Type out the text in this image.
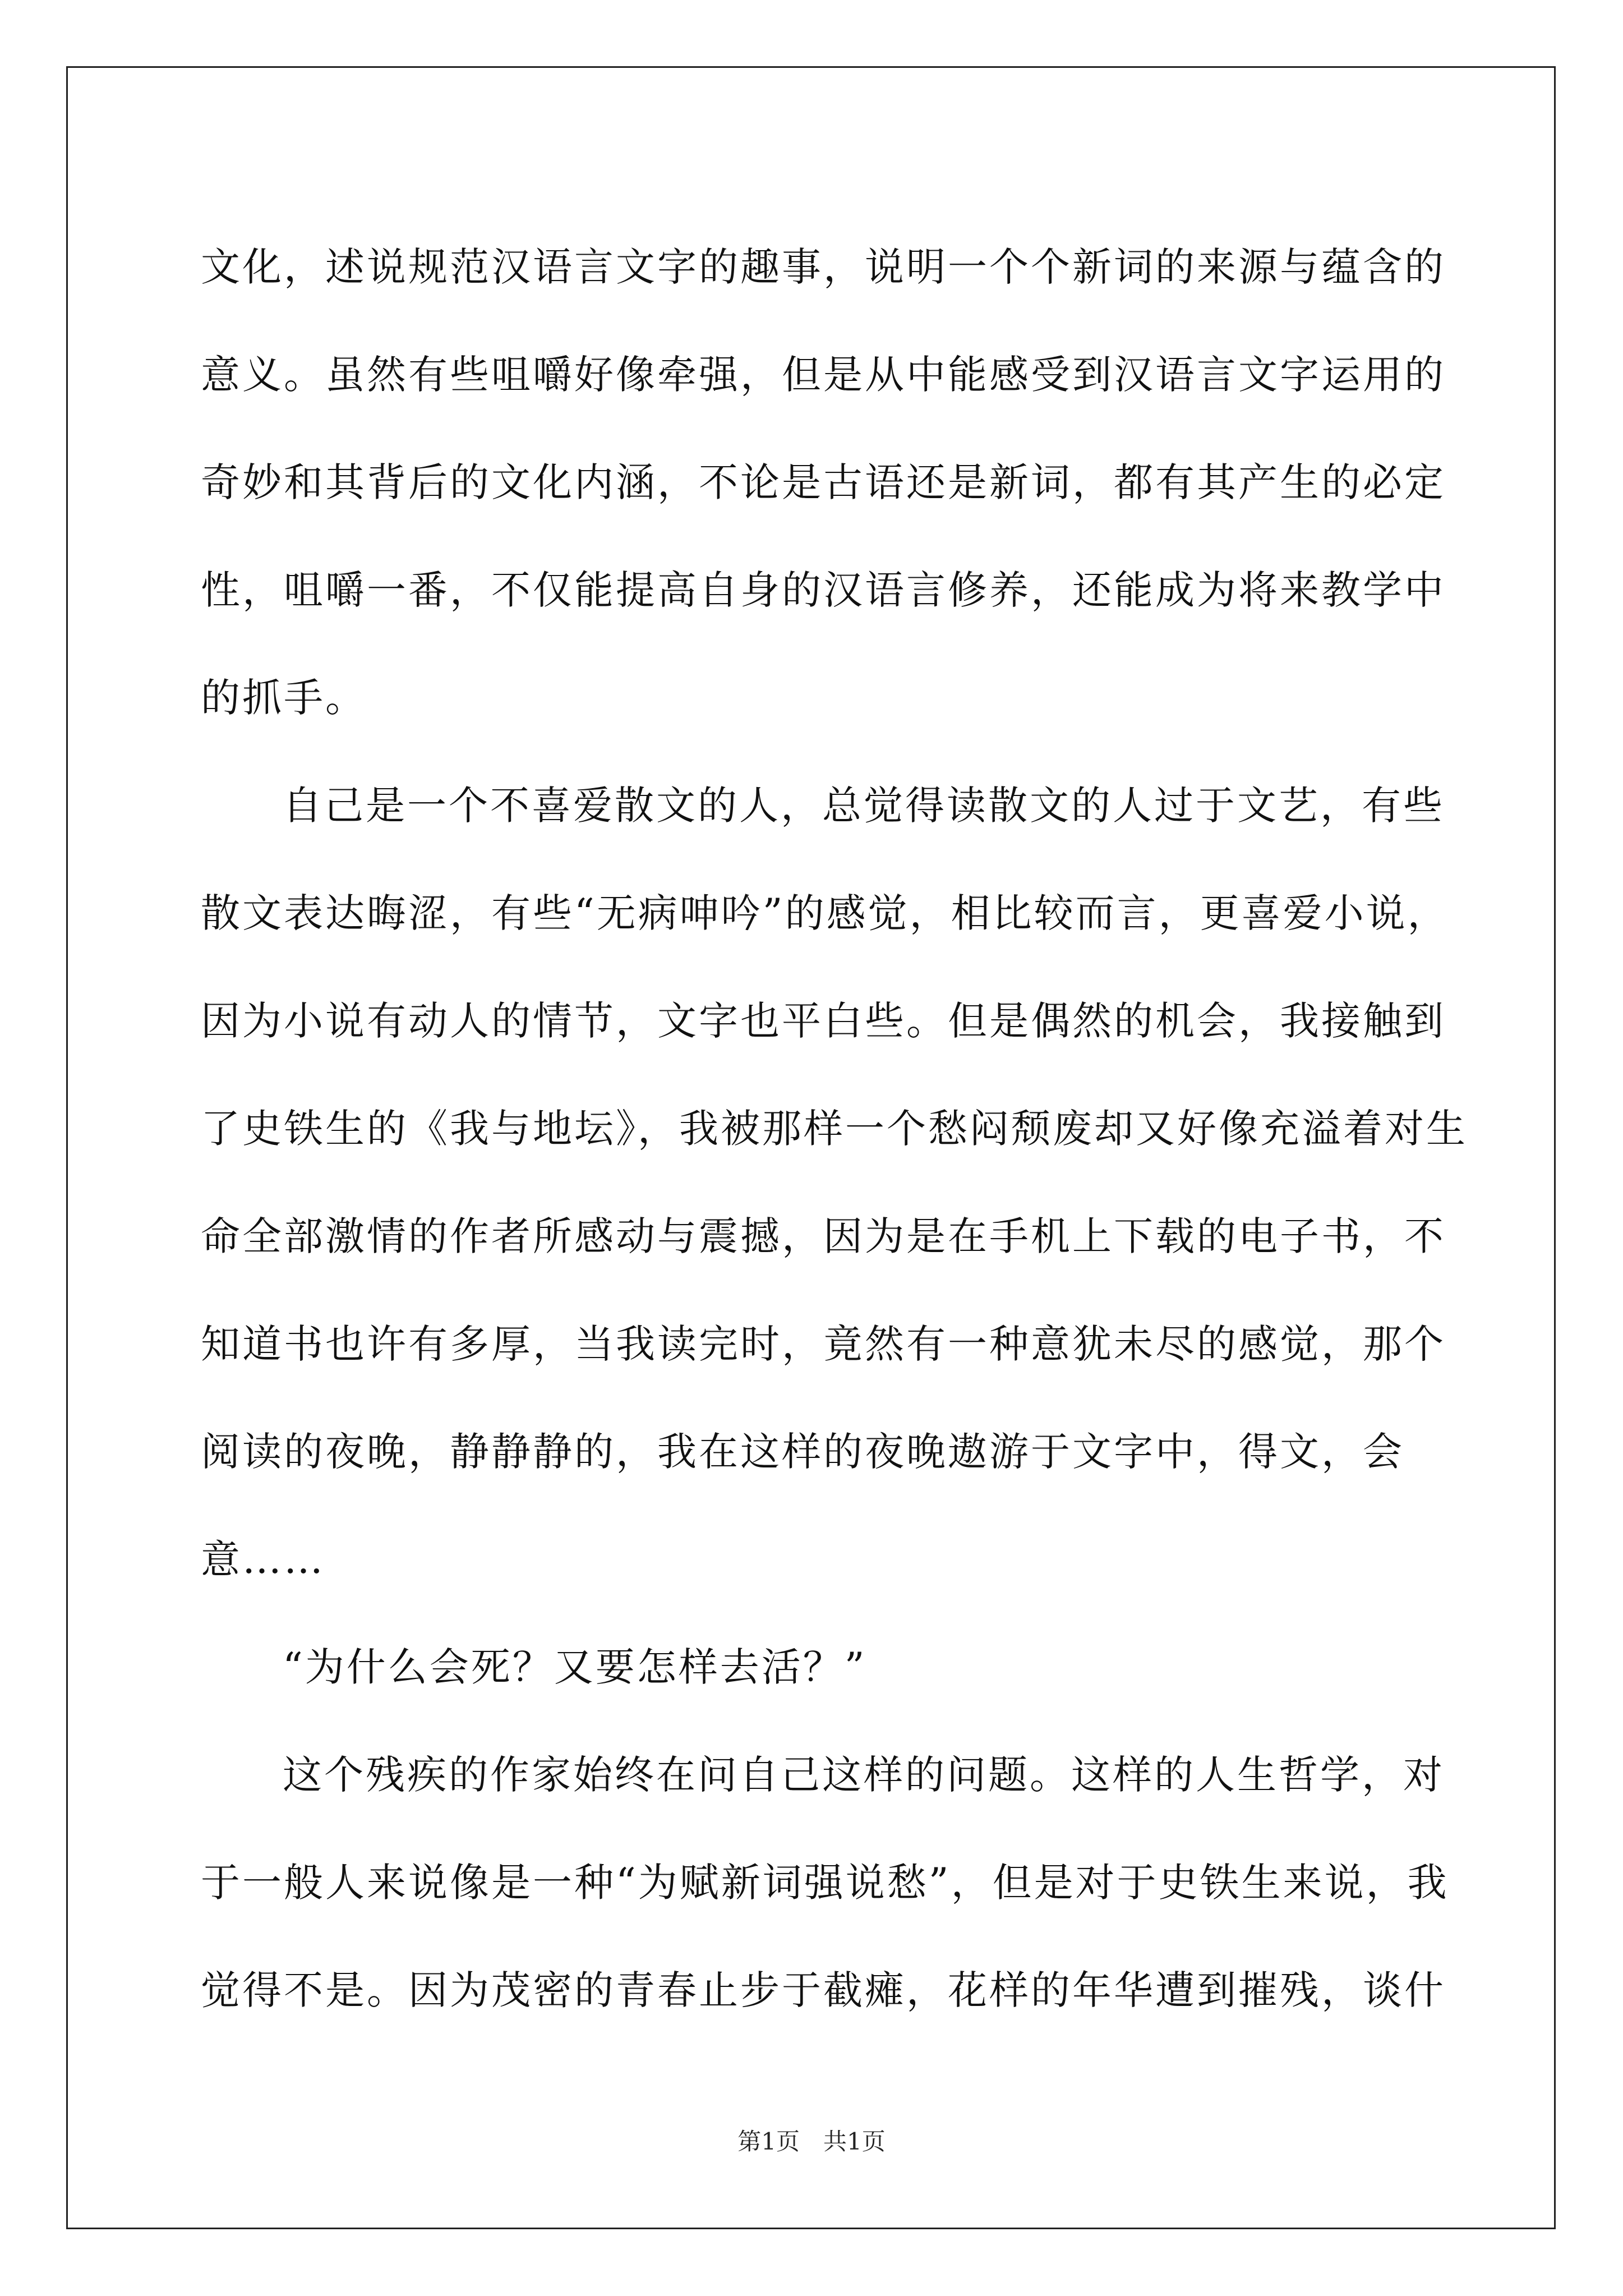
文化，述说规范汉语言文字的趣事，说明一个个新词的来源与蕴含的
意义。虽然有些咀嚼好像牵强，但是从中能感受到汉语言文字运用的
奇妙和其背后的文化内涵，不论是古语还是新词，都有其产生的必定
性，咀嚼一番，不仅能提高自身的汉语言修养，还能成为将来教学中
的抓手。
自己是一个不喜爱散文的人，总觉得读散文的人过于文艺，有些
散文表达晦涩，有些“无病呻吟”的感觉，相比较而言，更喜爱小说，
因为小说有动人的情节，文字也平白些。但是偶然的机会，我接触到
了史铁生的《我与地坛》，我被那样一个愁闷颓废却又好像充溢着对生
命全部激情的作者所感动与震撼，因为是在手机上下载的电子书，不
知道书也许有多厚，当我读完时，竟然有一种意犹未尽的感觉，那个
阅读的夜晚，静静静的，我在这样的夜晚遨游于文字中，得文，会
意……
“为什么会死？又要怎样去活？”
这个残疾的作家始终在问自己这样的问题。这样的人生哲学，对
于一般人来说像是一种“为赋新词强说愁”，但是对于史铁生来说，我
觉得不是。因为茂密的青春止步于截瘫，花样的年华遭到摧残，谈什
第1页　共1页
